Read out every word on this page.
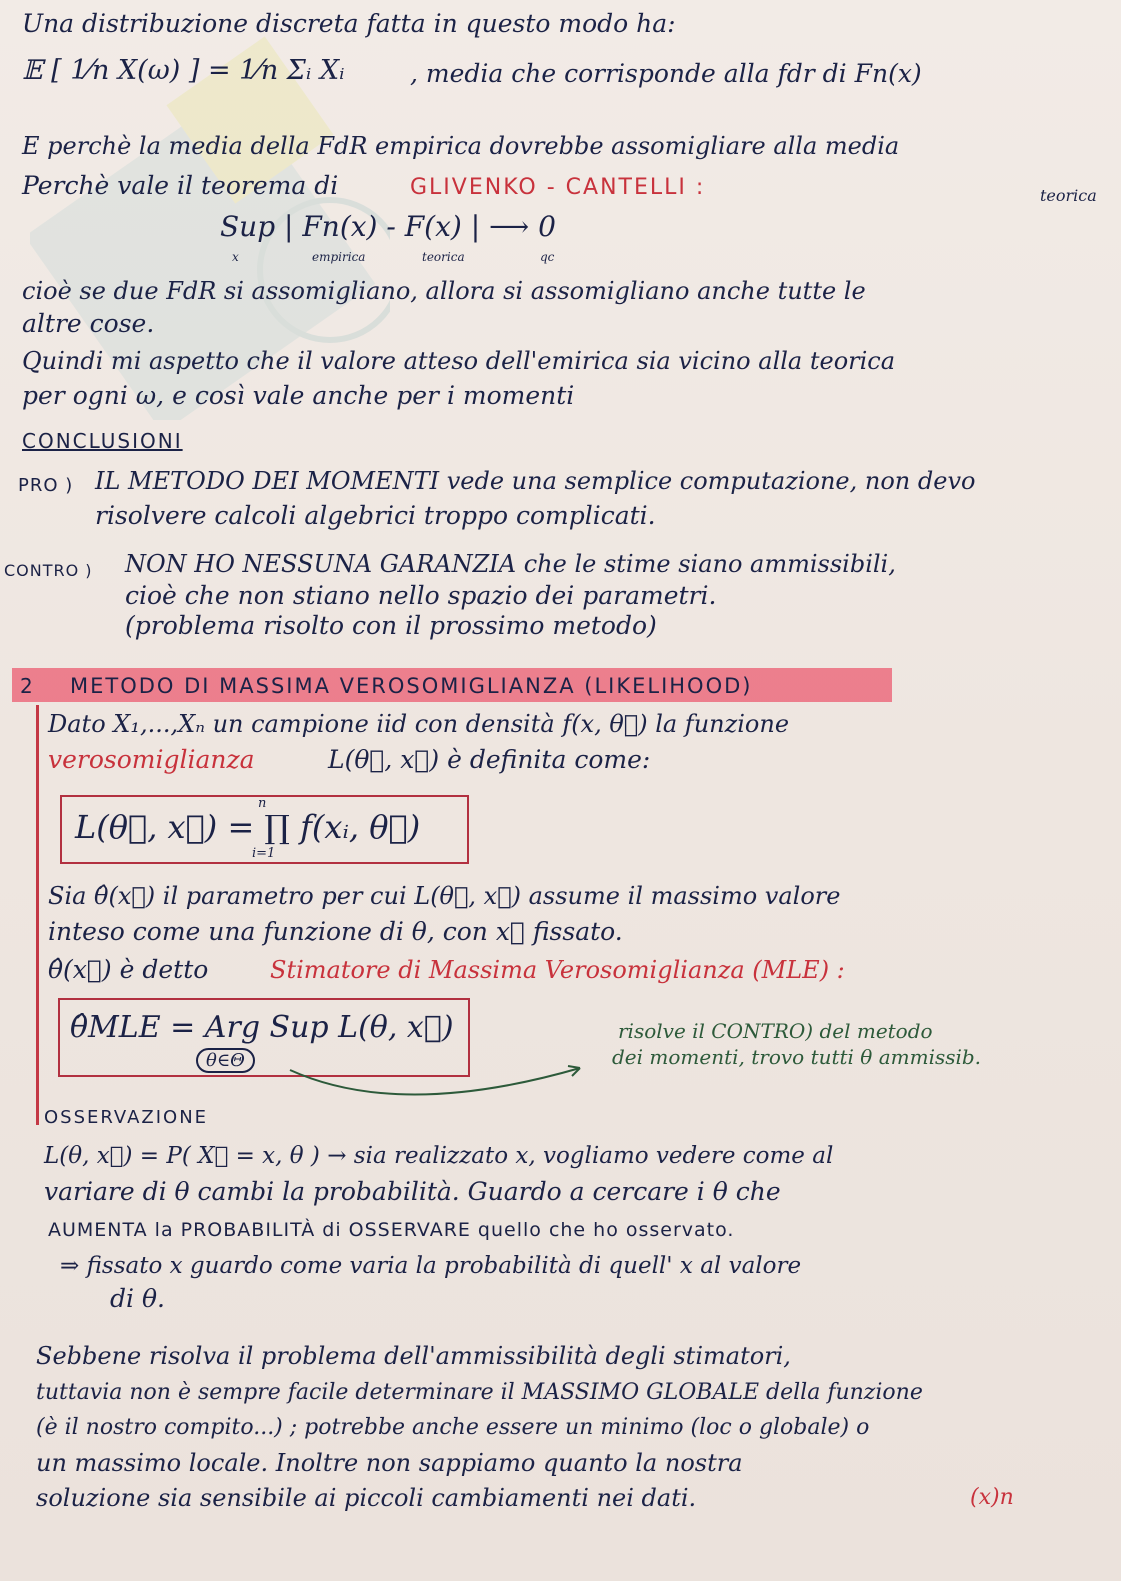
Una distribuzione discreta fatta in questo modo ha:
𝔼 [ 1⁄n X(ω) ] = 1⁄n Σᵢ Xᵢ	, media che corrisponde alla fdr di Fn(x)
E perchè la media della FdR empirica dovrebbe assomigliare alla media
Perchè vale il teorema di	GLIVENKO - CANTELLI :	teorica
Sup | Fn(x) - F(x) | ⟶ 0
x	empirica	teorica	qc
cioè se due FdR si assomigliano, allora si assomigliano anche tutte le
altre cose.
Quindi mi aspetto che il valore atteso dell'emirica sia vicino alla teorica
per ogni ω, e così vale anche per i momenti
CONCLUSIONI
PRO ) IL METODO DEI MOMENTI vede una semplice computazione, non devo
risolvere calcoli algebrici troppo complicati.
CONTRO ) NON HO NESSUNA GARANZIA che le stime siano ammissibili,
cioè che non stiano nello spazio dei parametri.
(problema risolto con il prossimo metodo)
2 METODO DI MASSIMA VEROSOMIGLIANZA (LIKELIHOOD)
Dato X₁,...,Xₙ un campione iid con densità f(x, θ⃗) la funzione
verosomiglianza	L(θ⃗, x⃗) è definita come:
L(θ⃗, x⃗) = ∏ f(xᵢ, θ⃗)
n
i=1
Sia θ̂(x⃗) il parametro per cui L(θ⃗, x⃗) assume il massimo valore
inteso come una funzione di θ, con x⃗ fissato.
θ̂(x⃗) è detto	Stimatore di Massima Verosomiglianza (MLE) :
θ̂MLE = Arg Sup L(θ, x⃗)
θ∈Θ
risolve il CONTRO) del metodo
dei momenti, trovo tutti θ ammissib.
OSSERVAZIONE
L(θ, x⃗) = P( X⃗ = x, θ ) → sia realizzato x, vogliamo vedere come al
variare di θ cambi la probabilità. Guardo a cercare i θ che
AUMENTA la PROBABILITÀ di OSSERVARE quello che ho osservato.
⇒ fissato x guardo come varia la probabilità di quell' x al valore
di θ.
Sebbene risolva il problema dell'ammissibilità degli stimatori,
tuttavia non è sempre facile determinare il MASSIMO GLOBALE della funzione
(è il nostro compito...) ; potrebbe anche essere un minimo (loc o globale) o
un massimo locale. Inoltre non sappiamo quanto la nostra
soluzione sia sensibile ai piccoli cambiamenti nei dati.	(x)n
